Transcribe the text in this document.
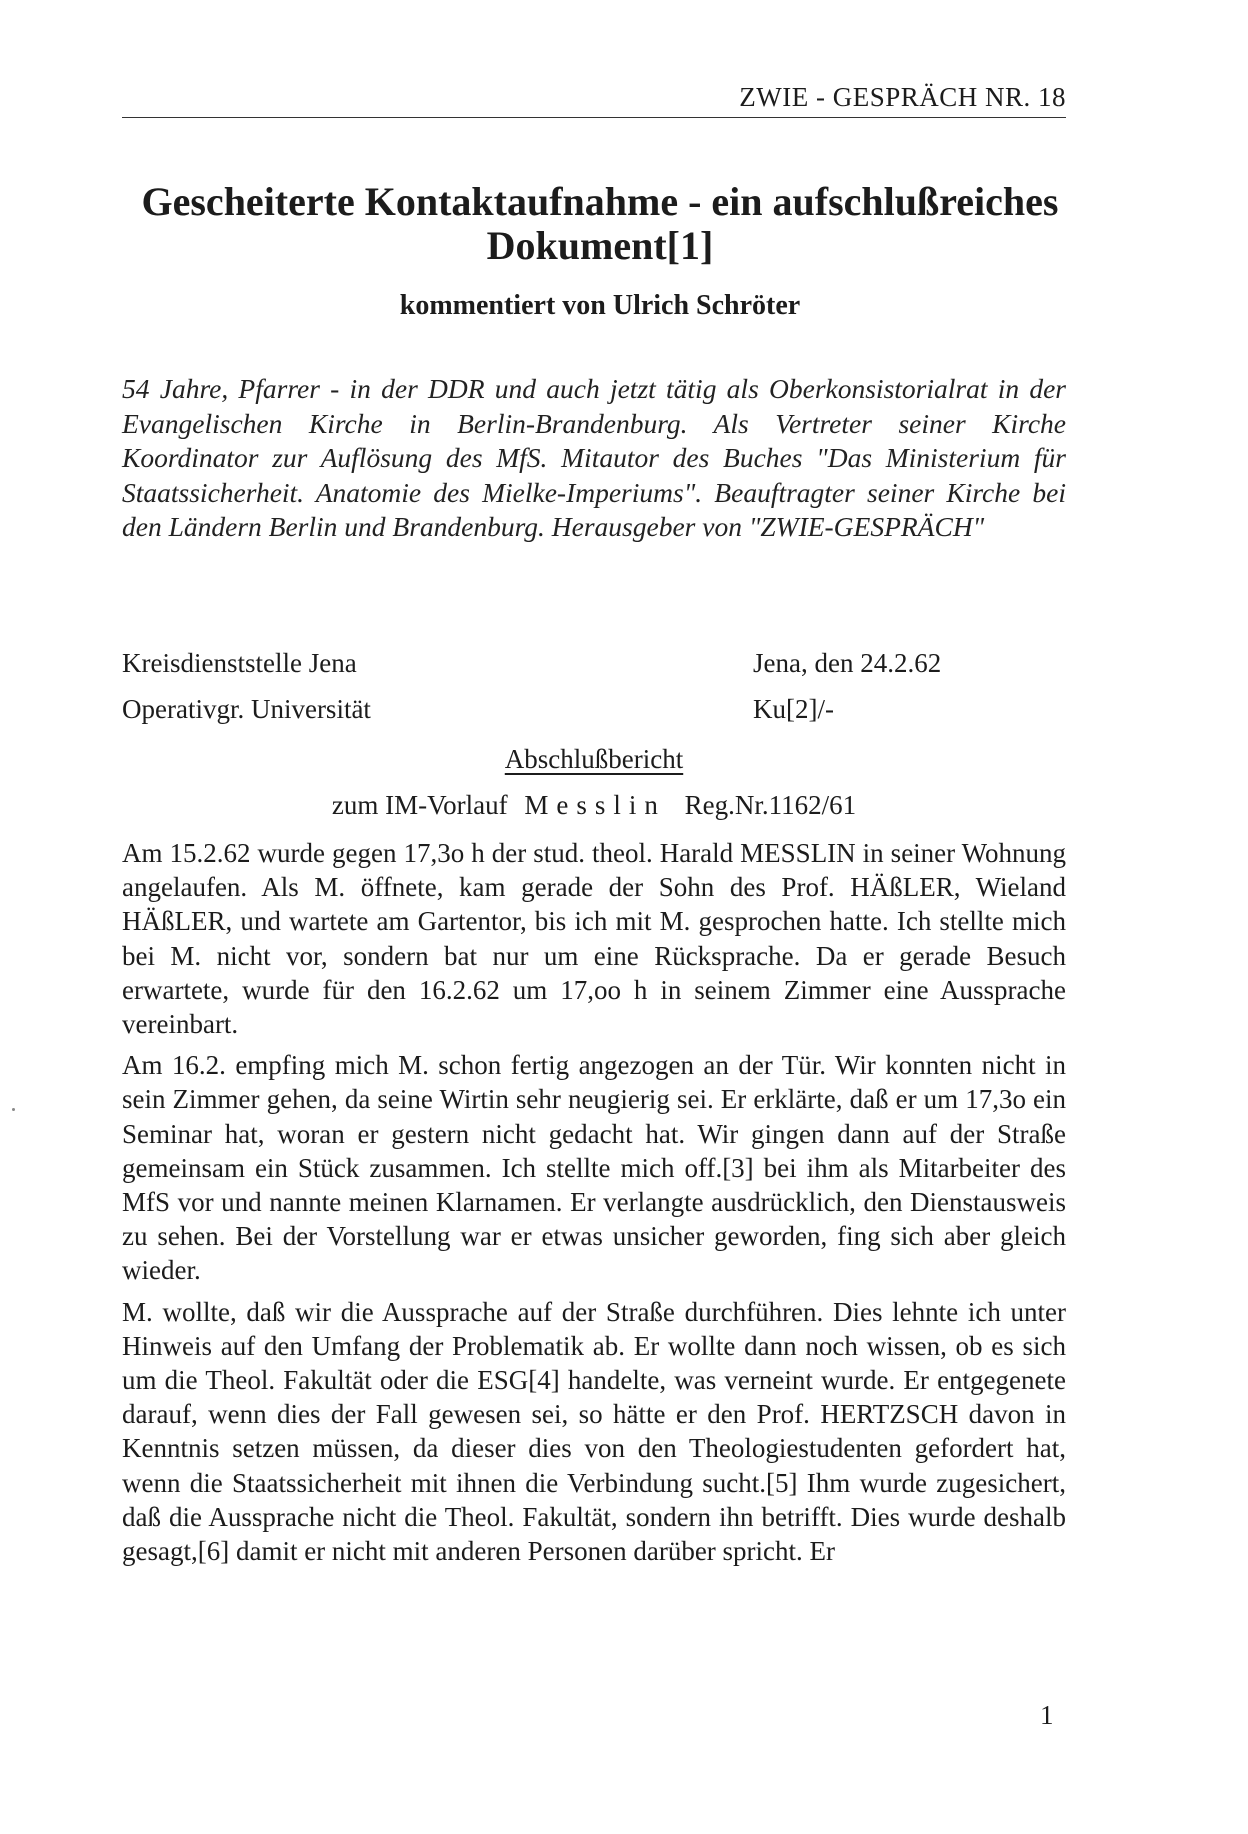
ZWIE - GESPRÄCH NR. 18
Gescheiterte Kontaktaufnahme - ein aufschlußreiches
Dokument[1]
kommentiert von Ulrich Schröter

54 Jahre, Pfarrer - in der DDR und auch jetzt tätig als Oberkonsistorialrat in der Evangelischen Kirche in Berlin-Brandenburg. Als Vertreter seiner Kirche Koordinator zur Auflösung des MfS. Mitautor des Buches "Das Ministerium für Staatssicherheit. Anatomie des Mielke-Imperiums". Beauftragter seiner Kirche bei den Ländern Berlin und Brandenburg. Herausgeber von "ZWIE-GESPRÄCH"

Kreisdienststelle Jena	Jena, den 24.2.62
Operativgr. Universität	Ku[2]/-
Abschlußbericht
zum IM-Vorlauf Messlin Reg.Nr.1162/61

Am 15.2.62 wurde gegen 17,3o h der stud. theol. Harald MESSLIN in seiner Wohnung angelaufen. Als M. öffnete, kam gerade der Sohn des Prof. HÄßLER, Wieland HÄßLER, und wartete am Gartentor, bis ich mit M. gesprochen hatte. Ich stellte mich bei M. nicht vor, sondern bat nur um eine Rücksprache. Da er gerade Besuch erwartete, wurde für den 16.2.62 um 17,oo h in seinem Zimmer eine Aussprache vereinbart.

Am 16.2. empfing mich M. schon fertig angezogen an der Tür. Wir konnten nicht in sein Zimmer gehen, da seine Wirtin sehr neugierig sei. Er erklärte, daß er um 17,3o ein Seminar hat, woran er gestern nicht gedacht hat. Wir gingen dann auf der Straße gemeinsam ein Stück zusammen. Ich stellte mich off.[3] bei ihm als Mitarbeiter des MfS vor und nannte meinen Klarnamen. Er verlangte ausdrücklich, den Dienstausweis zu sehen. Bei der Vorstellung war er etwas unsicher geworden, fing sich aber gleich wieder.

M. wollte, daß wir die Aussprache auf der Straße durchführen. Dies lehnte ich unter Hinweis auf den Umfang der Problematik ab. Er wollte dann noch wissen, ob es sich um die Theol. Fakultät oder die ESG[4] handelte, was verneint wurde. Er entgegenete darauf, wenn dies der Fall gewesen sei, so hätte er den Prof. HERTZSCH davon in Kenntnis setzen müssen, da dieser dies von den Theologiestudenten gefordert hat, wenn die Staatssicherheit mit ihnen die Verbindung sucht.[5] Ihm wurde zugesichert, daß die Aussprache nicht die Theol. Fakultät, sondern ihn betrifft. Dies wurde deshalb gesagt,[6] damit er nicht mit anderen Personen darüber spricht. Er

1
